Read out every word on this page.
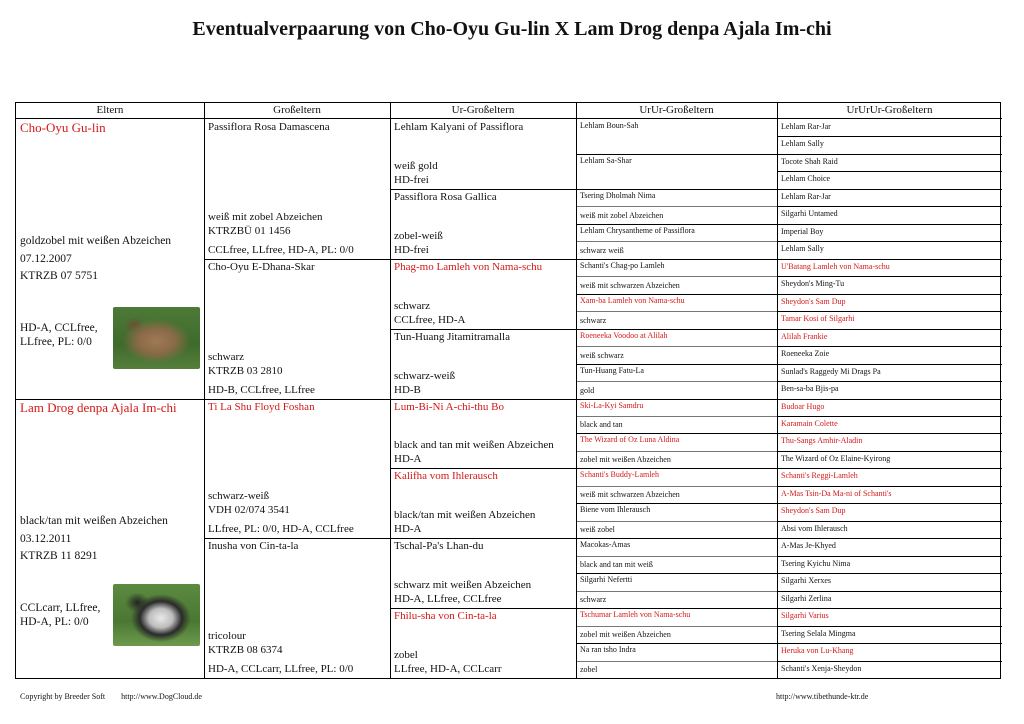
Eventualverpaarung von Cho-Oyu Gu-lin X Lam Drog denpa Ajala Im-chi
Eltern
Cho-Oyu Gu-lin
goldzobel mit weißen Abzeichen
07.12.2007
KTRZB 07 5751
HD-A, CCLfree,
LLfree, PL: 0/0
Lam Drog denpa Ajala Im-chi
black/tan mit weißen Abzeichen
03.12.2011
KTRZB 11 8291
CCLcarr, LLfree,
HD-A, PL: 0/0
Großeltern
Passiflora Rosa Damascena
weiß mit zobel Abzeichen
KTRZBÜ 01 1456
CCLfree, LLfree, HD-A, PL: 0/0
Cho-Oyu E-Dhana-Skar
schwarz
KTRZB 03 2810
HD-B, CCLfree, LLfree
Ti La Shu Floyd Foshan
schwarz-weiß
VDH 02/074 3541
LLfree, PL: 0/0, HD-A, CCLfree
Inusha von Cin-ta-la
tricolour
KTRZB 08 6374
HD-A, CCLcarr, LLfree, PL: 0/0
Ur-Großeltern
Lehlam Kalyani of Passiflora
weiß gold
HD-frei
Passiflora Rosa Gallica
zobel-weiß
HD-frei
Phag-mo Lamleh von Nama-schu
schwarz
CCLfree, HD-A
Tun-Huang Jitamitramalla
schwarz-weiß
HD-B
Lum-Bi-Ni A-chi-thu Bo
black and tan mit weißen Abzeichen
HD-A
Kalifha vom Ihlerausch
black/tan mit weißen Abzeichen
HD-A
Tschal-Pa's Lhan-du
schwarz mit weißen Abzeichen
HD-A, LLfree, CCLfree
Fhilu-sha von Cin-ta-la
zobel
LLfree, HD-A, CCLcarr
UrUr-Großeltern
Lehlam Boun-Sah
Lehlam Sa-Shar
Tsering Dholmah Nima
weiß mit zobel Abzeichen
Lehlam Chrysantheme of Passiflora
schwarz weiß
Schanti's Chag-po Lamleh
weiß mit schwarzen Abzeichen
Xam-ba Lamleh von Nama-schu
schwarz
Roeneeka Voodoo at Alilah
weiß schwarz
Tun-Huang Fatu-La
gold
Ski-La-Kyi Samdru
black and tan
The Wizard of Oz Luna Aldina
zobel mit weißen Abzeichen
Schanti's Buddy-Lamleh
weiß mit schwarzen Abzeichen
Biene vom Ihlerausch
weiß zobel
Macokas-Amas
black and tan mit weiß
Silgarhi Nefertti
schwarz
Tschumar Lamleh von Nama-schu
zobel mit weißen Abzeichen
Na ran tsho Indra
zobel
UrUrUr-Großeltern
Lehlam Rar-Jar
Lehlam Sally
Tocote Shah Raid
Lehlam Choice
Lehlam Rar-Jar
Silgarhi Untamed
Imperial Boy
Lehlam Sally
U'Batang Lamleh von Nama-schu
Sheydon's Ming-Tu
Sheydon's Sam Dup
Tamar Kosi of Silgarhi
Alilah Frankie
Roeneeka Zoie
Sunlad's Raggedy Mi Drags Pa
Ben-sa-ba Bjis-pa
Budoar Hugo
Karamain Colette
Thu-Sangs Amhir-Aladin
The Wizard of Oz Elaine-Kyirong
Schanti's Reggi-Lamleh
A-Mas Tsin-Da Ma-ni of Schanti's
Sheydon's Sam Dup
Absi vom Ihlerausch
A-Mas Je-Khyed
Tsering Kyichu Nima
Silgarhi Xerxes
Silgarhi Zerlina
Silgarhi Varius
Tsering Selala Mingma
Heruka von Lu-Khang
Schanti's Xenja-Sheydon
Copyright by Breeder Soft http://www.DogCloud.de	http://www.tibethunde-ktr.de
